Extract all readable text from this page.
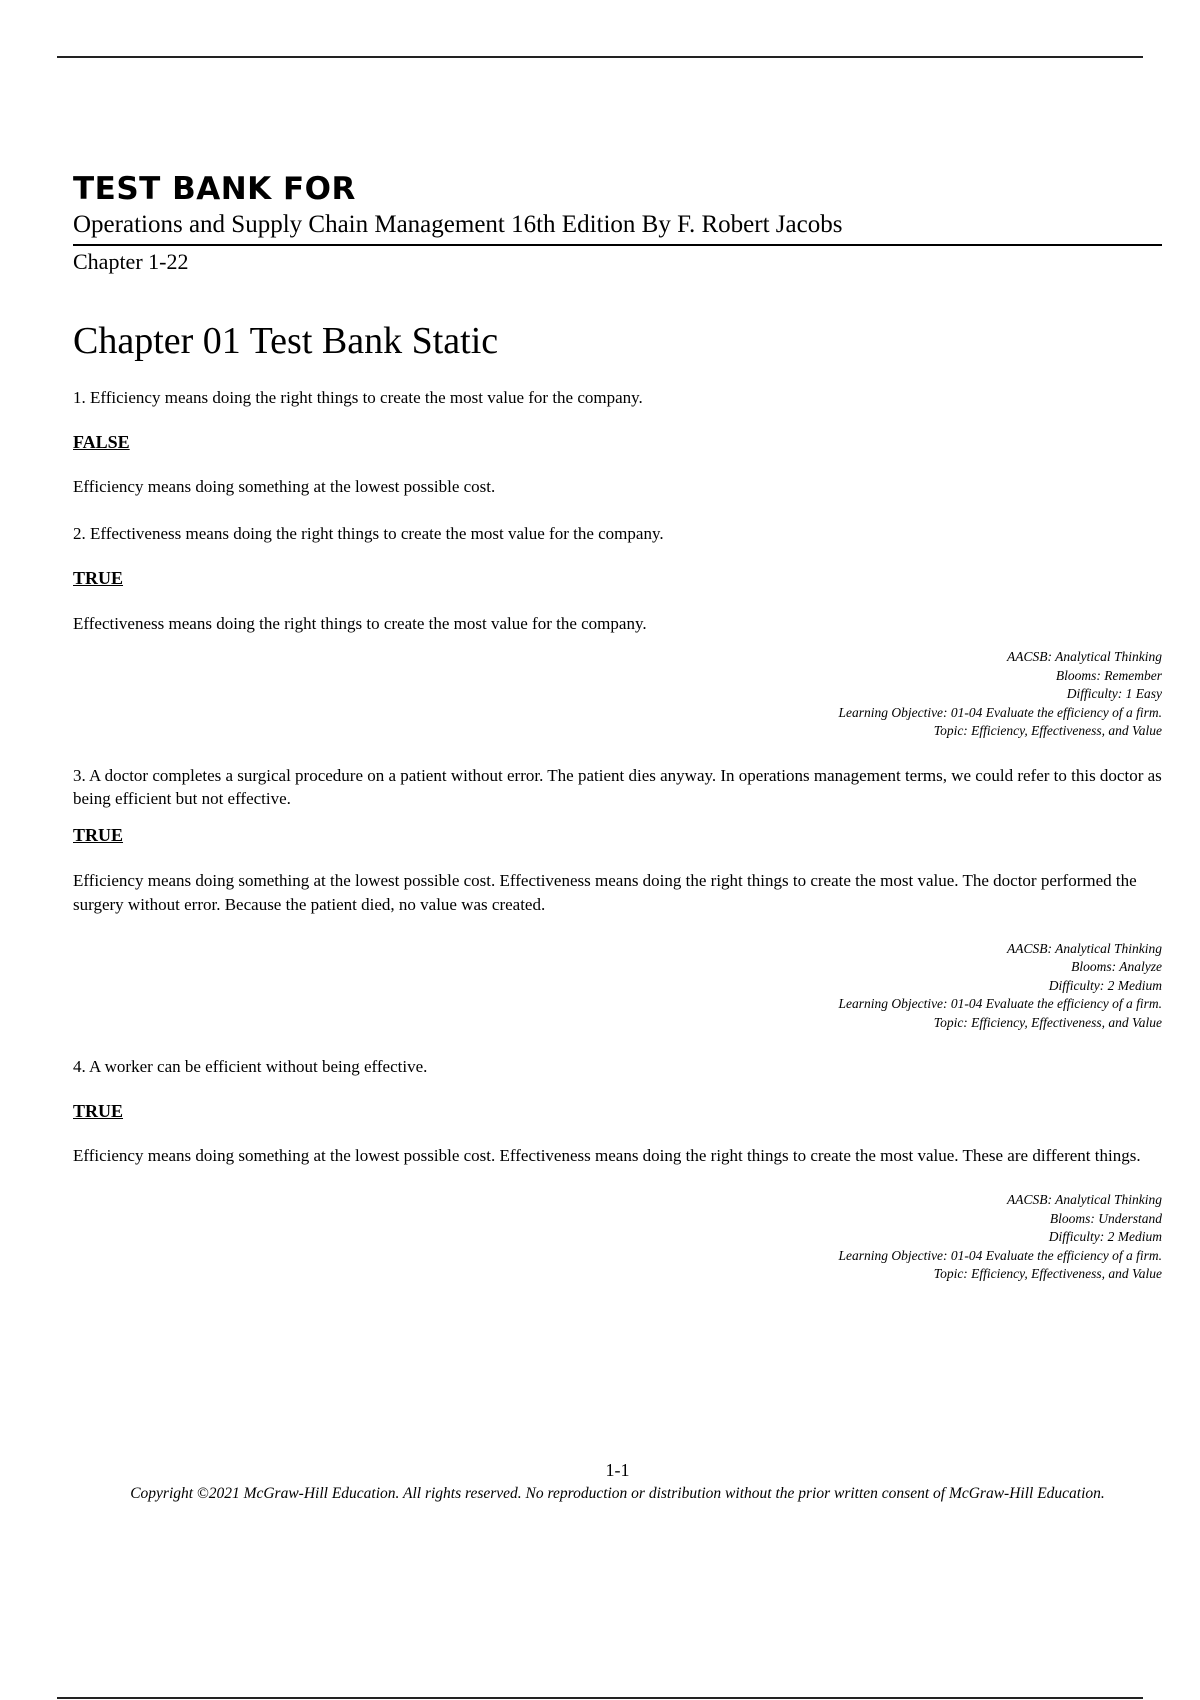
TEST BANK FOR
Operations and Supply Chain Management 16th Edition By F. Robert Jacobs
Chapter 1-22
Chapter 01 Test Bank Static
1. Efficiency means doing the right things to create the most value for the company.
FALSE
Efficiency means doing something at the lowest possible cost.
2. Effectiveness means doing the right things to create the most value for the company.
TRUE
Effectiveness means doing the right things to create the most value for the company.
AACSB: Analytical Thinking
Blooms: Remember
Difficulty: 1 Easy
Learning Objective: 01-04 Evaluate the efficiency of a firm.
Topic: Efficiency, Effectiveness, and Value
3. A doctor completes a surgical procedure on a patient without error. The patient dies anyway. In operations management terms, we could refer to this doctor as being efficient but not effective.
TRUE
Efficiency means doing something at the lowest possible cost. Effectiveness means doing the right things to create the most value. The doctor performed the surgery without error. Because the patient died, no value was created.
AACSB: Analytical Thinking
Blooms: Analyze
Difficulty: 2 Medium
Learning Objective: 01-04 Evaluate the efficiency of a firm.
Topic: Efficiency, Effectiveness, and Value
4. A worker can be efficient without being effective.
TRUE
Efficiency means doing something at the lowest possible cost. Effectiveness means doing the right things to create the most value. These are different things.
AACSB: Analytical Thinking
Blooms: Understand
Difficulty: 2 Medium
Learning Objective: 01-04 Evaluate the efficiency of a firm.
Topic: Efficiency, Effectiveness, and Value
1-1
Copyright ©2021 McGraw-Hill Education. All rights reserved. No reproduction or distribution without the prior written consent of McGraw-Hill Education.
